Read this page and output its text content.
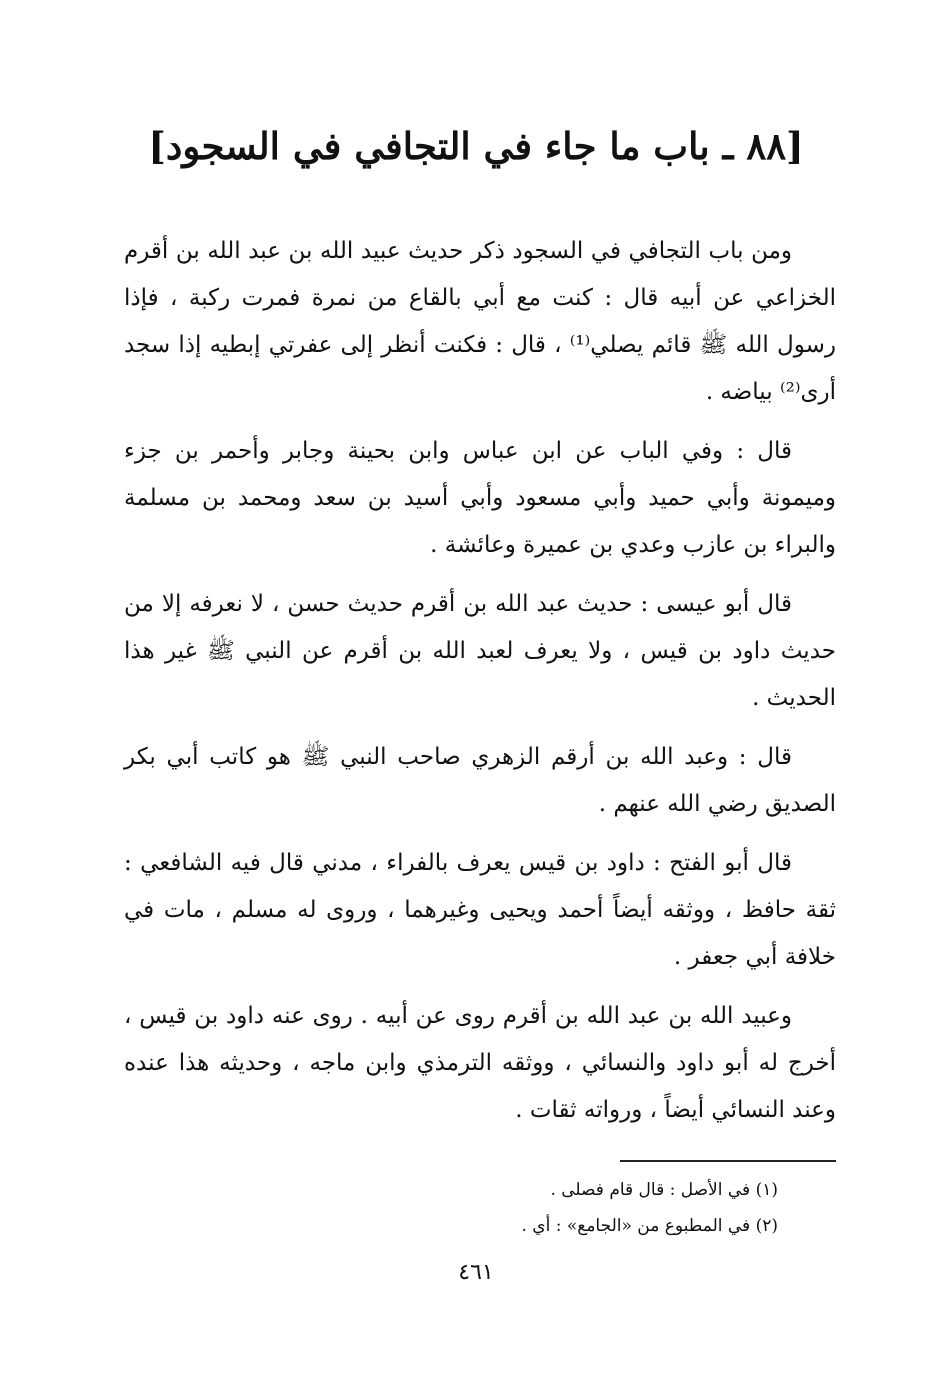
[٨٨ ـ باب ما جاء في التجافي في السجود]

ومن باب التجافي في السجود ذكر حديث عبيد الله بن عبد الله بن أقرم الخزاعي عن أبيه قال : كنت مع أبي بالقاع من نمرة فمرت ركبة ، فإذا رسول الله ﷺ قائم يصلي⁽¹⁾ ، قال : فكنت أنظر إلى عفرتي إبطيه إذا سجد أرى⁽²⁾ بياضه .

قال : وفي الباب عن ابن عباس وابن بحينة وجابر وأحمر بن جزء وميمونة وأبي حميد وأبي مسعود وأبي أسيد بن سعد ومحمد بن مسلمة والبراء بن عازب وعدي بن عميرة وعائشة .

قال أبو عيسى : حديث عبد الله بن أقرم حديث حسن ، لا نعرفه إلا من حديث داود بن قيس ، ولا يعرف لعبد الله بن أقرم عن النبي ﷺ غير هذا الحديث .

قال : وعبد الله بن أرقم الزهري صاحب النبي ﷺ هو كاتب أبي بكر الصديق رضي الله عنهم .

قال أبو الفتح : داود بن قيس يعرف بالفراء ، مدني قال فيه الشافعي : ثقة حافظ ، ووثقه أيضاً أحمد ويحيى وغيرهما ، وروى له مسلم ، مات في خلافة أبي جعفر .

وعبيد الله بن عبد الله بن أقرم روى عن أبيه . روى عنه داود بن قيس ، أخرج له أبو داود والنسائي ، ووثقه الترمذي وابن ماجه ، وحديثه هذا عنده وعند النسائي أيضاً ، ورواته ثقات .

(١) في الأصل : قال قام فصلى .

(٢) في المطبوع من «الجامع» : أي .

٤٦١
